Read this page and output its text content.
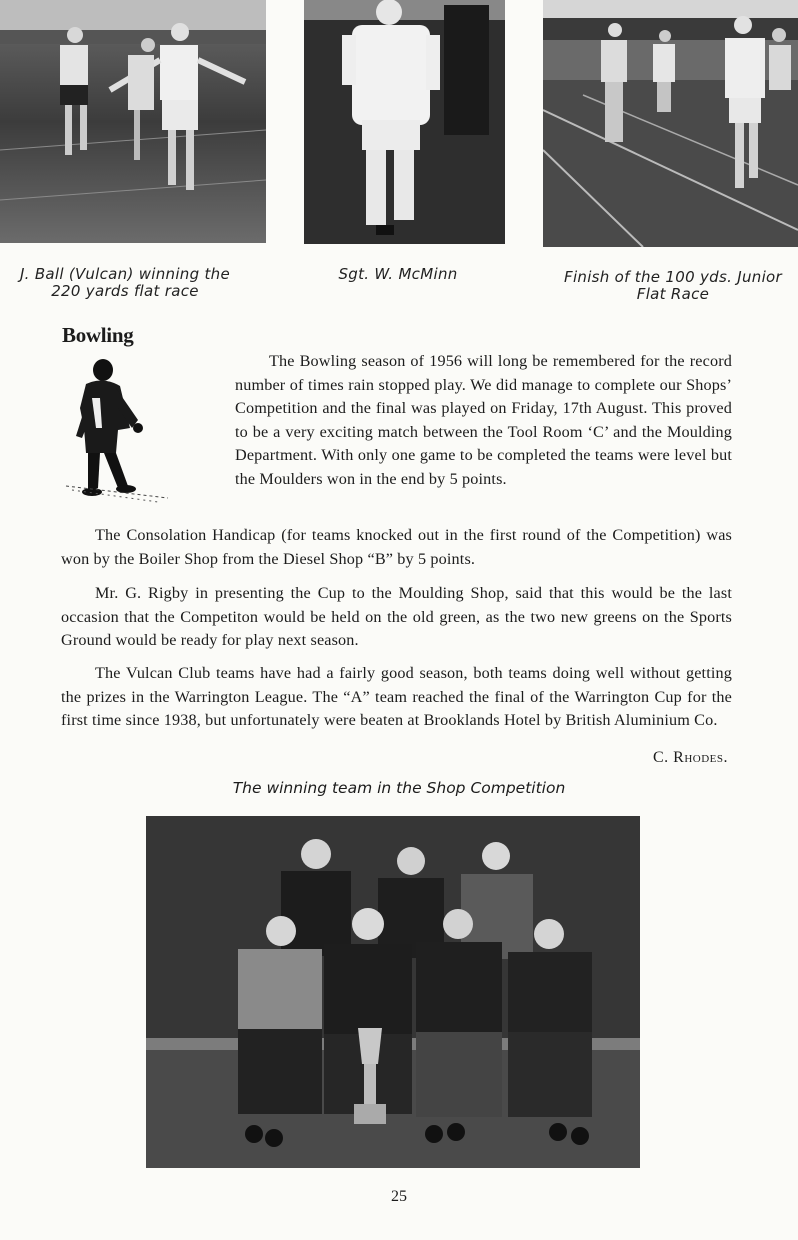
J. Ball (Vulcan) winning the
220 yards flat race
Sgt. W. McMinn	Finish of the 100 yds. Junior
Flat Race
Bowling

The Bowling season of 1956 will long be remembered for the record number of times rain stopped play. We did manage to complete our Shops’ Competition and the final was played on Friday, 17th August. This proved to be a very exciting match between the Tool Room ‘C’ and the Moulding Department. With only one game to be completed the teams were level but the Moulders won in the end by 5 points.

The Consolation Handicap (for teams knocked out in the first round of the Competition) was won by the Boiler Shop from the Diesel Shop “B” by 5 points.

Mr. G. Rigby in presenting the Cup to the Moulding Shop, said that this would be the last occasion that the Competiton would be held on the old green, as the two new greens on the Sports Ground would be ready for play next season.

The Vulcan Club teams have had a fairly good season, both teams doing well without getting the prizes in the Warrington League. The “A” team reached the final of the Warrington Cup for the first time since 1938, but unfortunately were beaten at Brooklands Hotel by British Aluminium Co.

C. Rhodes.
The winning team in the Shop Competition
25
